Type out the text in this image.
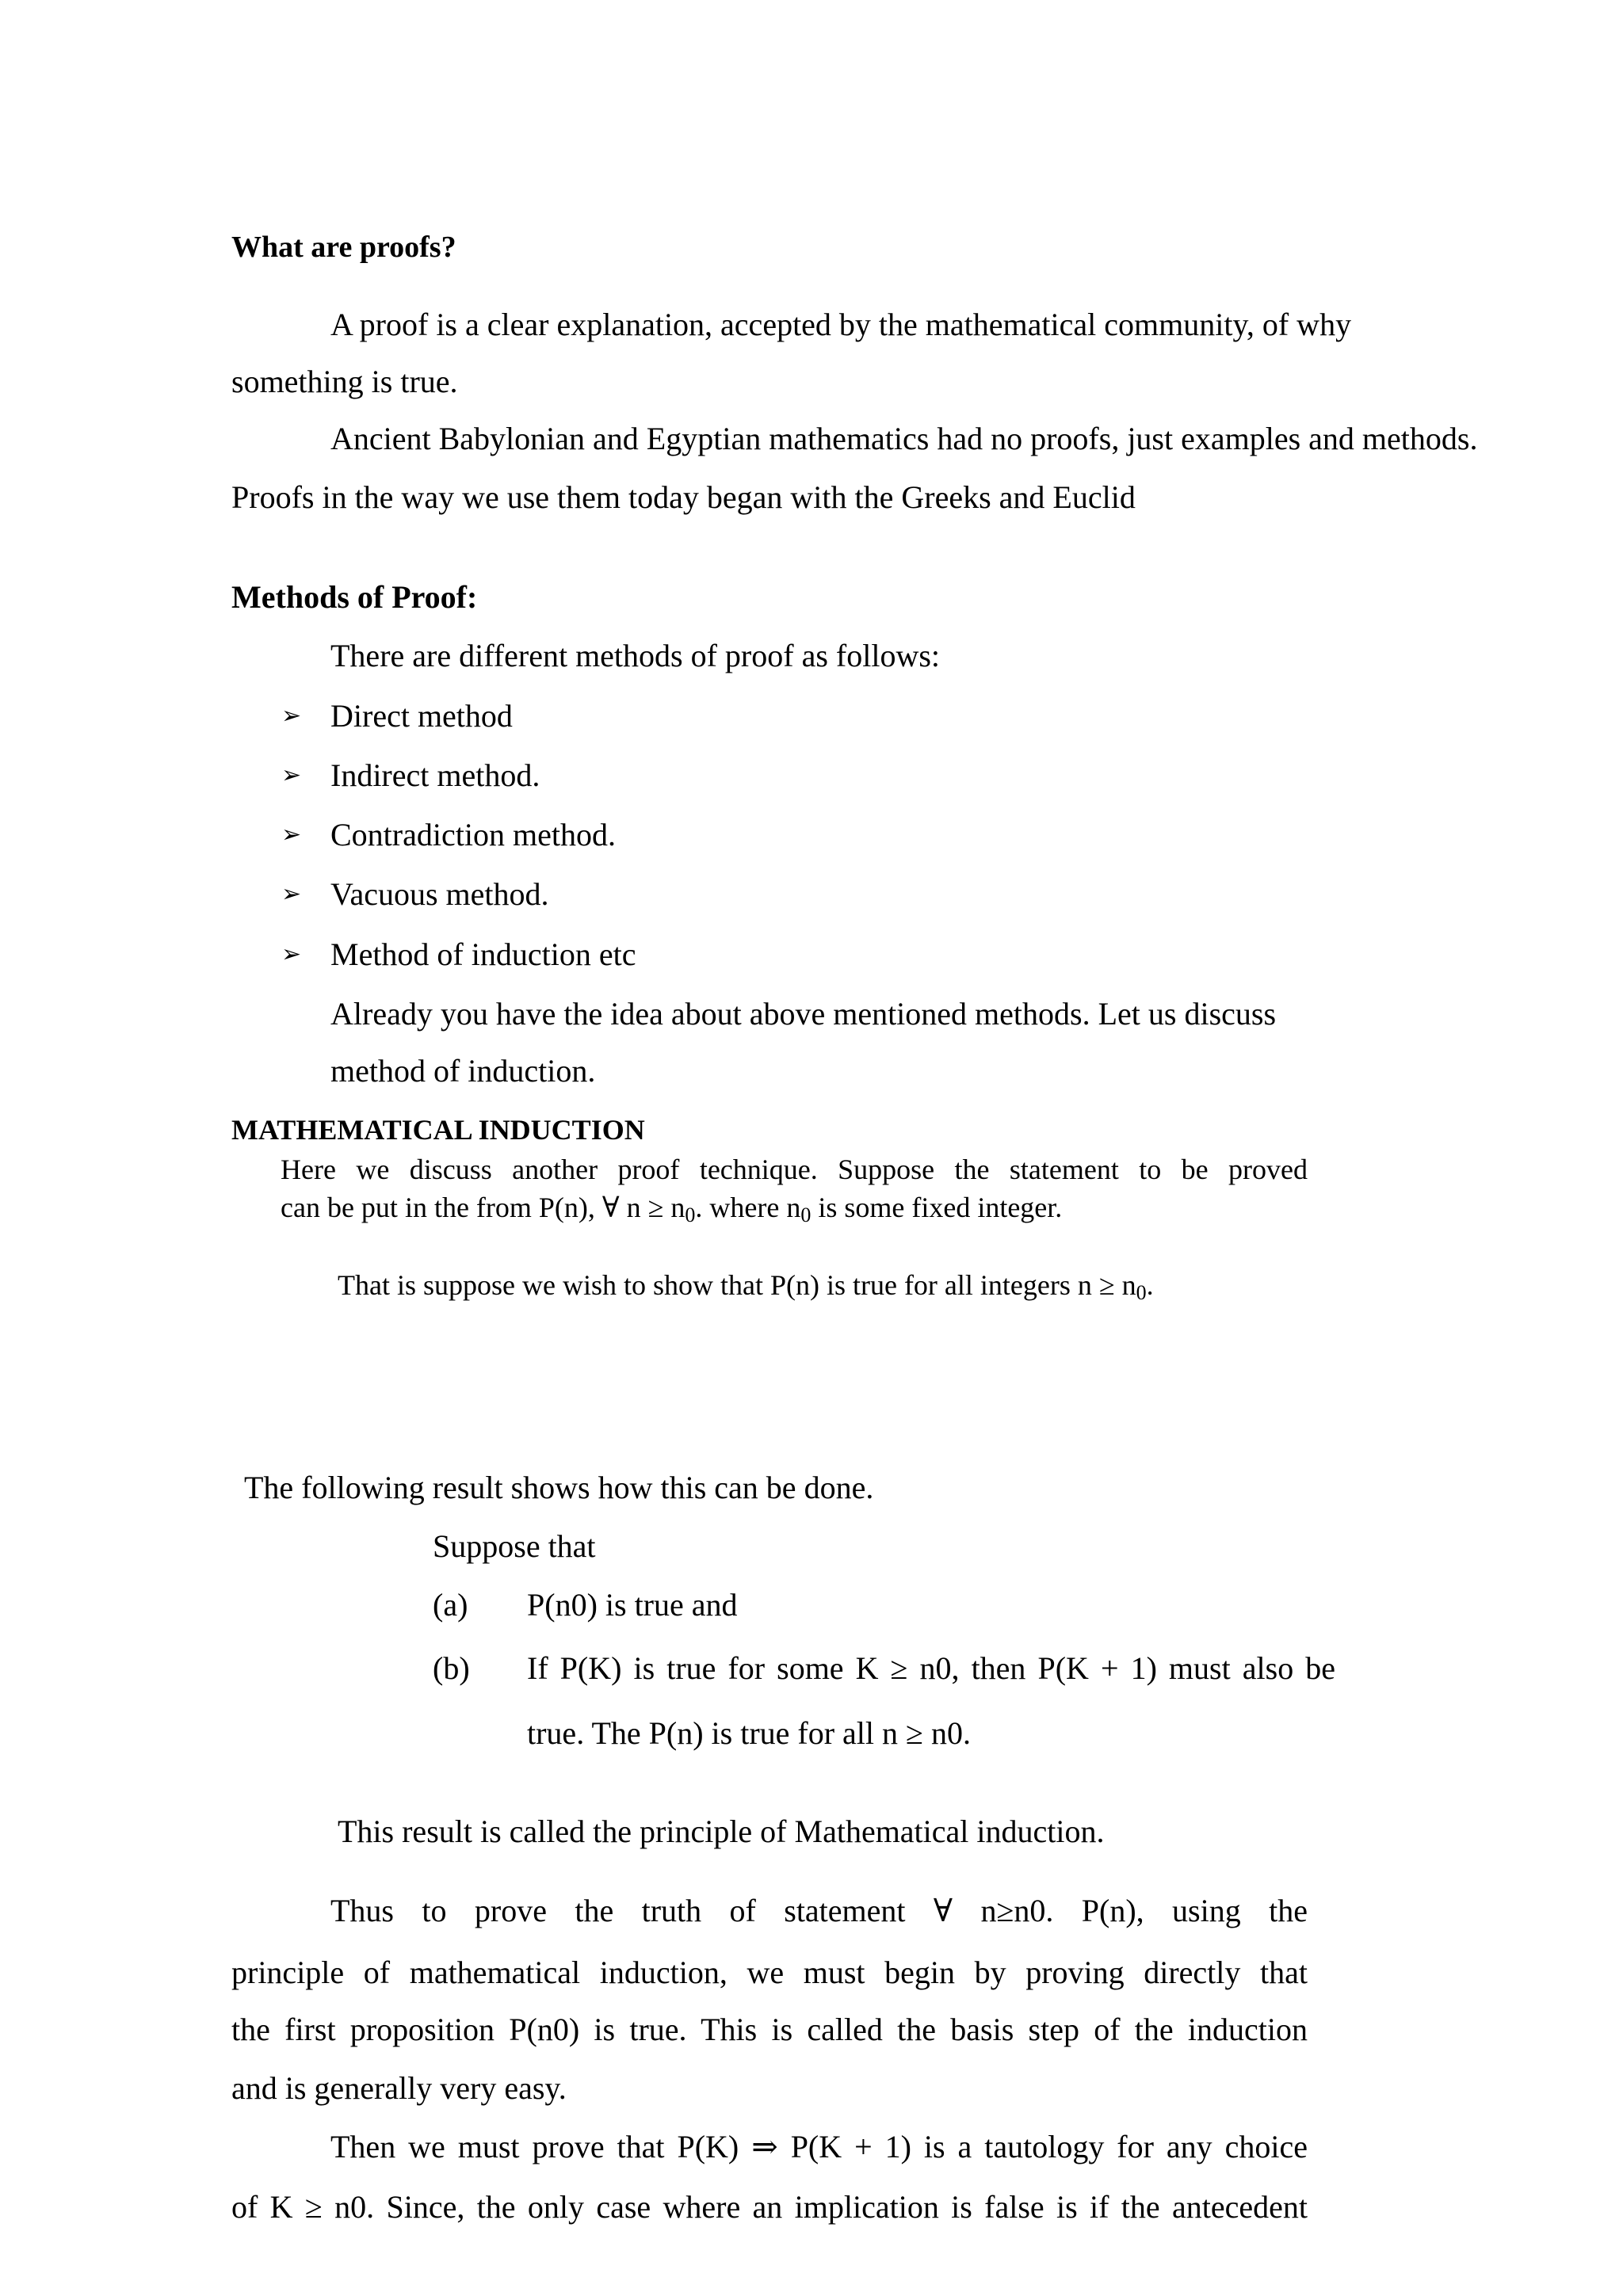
What are proofs?
A proof is a clear explanation, accepted by the mathematical community, of why
something is true.
Ancient Babylonian and Egyptian mathematics had no proofs, just examples and methods.
Proofs in the way we use them today began with the Greeks and Euclid
Methods of Proof:
There are different methods of proof as follows:
➢ Direct method
➢ Indirect method.
➢ Contradiction method.
➢ Vacuous method.
➢ Method of induction etc
Already you have the idea about above mentioned methods. Let us discuss
method of induction.
MATHEMATICAL INDUCTION
Here we discuss another proof technique. Suppose the statement to be proved
can be put in the from P(n), ∀ $n \ge n_0$. where $n_0$ is some fixed integer.
That is suppose we wish to show that P(n) is true for all integers $n \ge n_0$.
The following result shows how this can be done.
Suppose that
(a) P(n0) is true and
(b) If P(K) is true for some K ≥ n0, then P(K + 1) must also be
true. The P(n) is true for all n ≥ n0.
This result is called the principle of Mathematical induction.
Thus to prove the truth of statement ∀ n≥n0. P(n), using the
principle of mathematical induction, we must begin by proving directly that
the first proposition P(n0) is true. This is called the basis step of the induction
and is generally very easy.
Then we must prove that P(K) ⇒ P(K + 1) is a tautology for any choice
of K ≥ n0. Since, the only case where an implication is false is if the antecedent
